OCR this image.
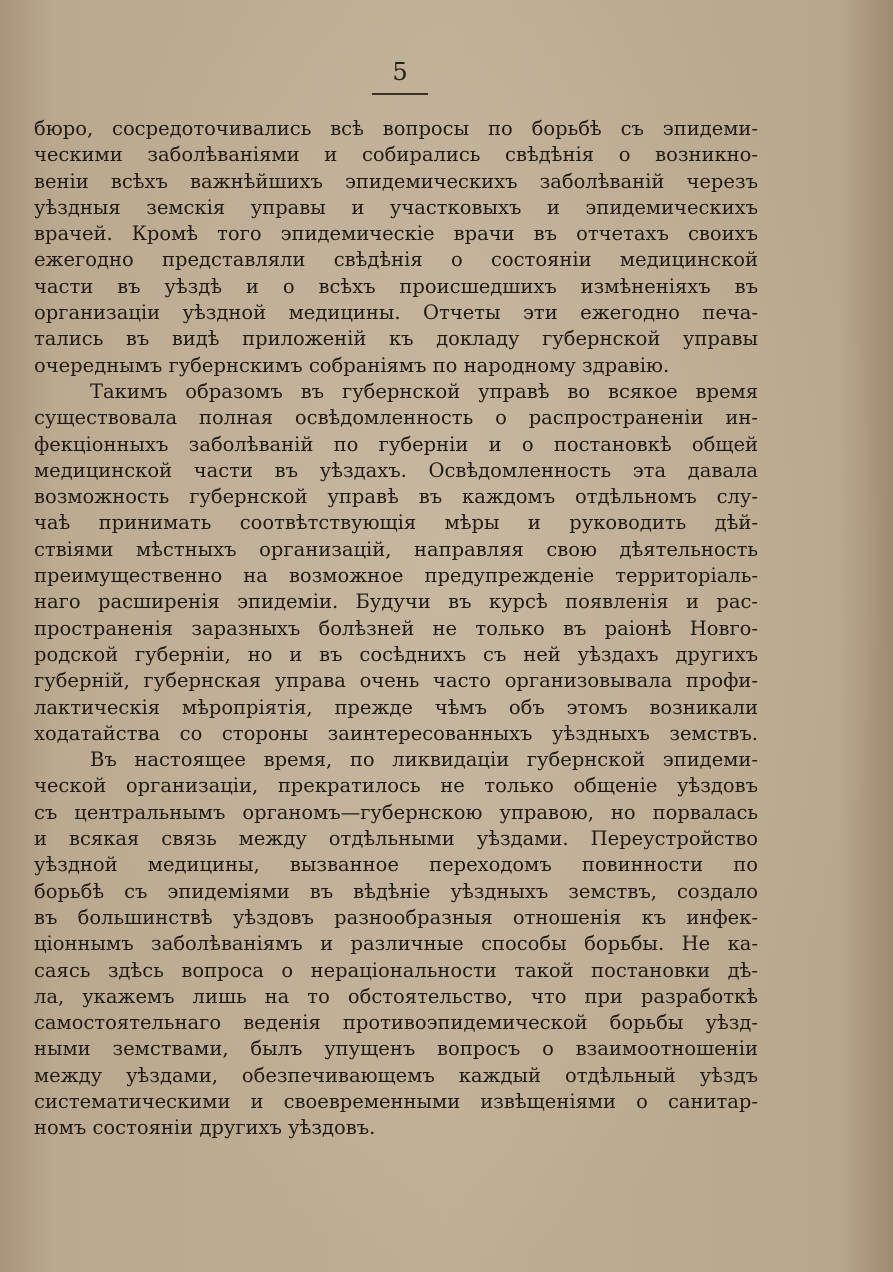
5
бюро, сосредоточивались всѣ вопросы по борьбѣ съ эпидеми-
ческими заболѣваніями и собирались свѣдѣнія о возникно-
веніи всѣхъ важнѣйшихъ эпидемическихъ заболѣваній черезъ
уѣздныя земскія управы и участковыхъ и эпидемическихъ
врачей. Кромѣ того эпидемическіе врачи въ отчетахъ своихъ
ежегодно представляли свѣдѣнія о состояніи медицинской
части въ уѣздѣ и о всѣхъ происшедшихъ измѣненіяхъ въ
организаціи уѣздной медицины. Отчеты эти ежегодно печа-
тались въ видѣ приложеній къ докладу губернской управы
очереднымъ губернскимъ собраніямъ по народному здравію.
Такимъ образомъ въ губернской управѣ во всякое время
существовала полная освѣдомленность о распространеніи ин-
фекціонныхъ заболѣваній по губерніи и о постановкѣ общей
медицинской части въ уѣздахъ. Освѣдомленность эта давала
возможность губернской управѣ въ каждомъ отдѣльномъ слу-
чаѣ принимать соотвѣтствующія мѣры и руководить дѣй-
ствіями мѣстныхъ организацій, направляя свою дѣятельность
преимущественно на возможное предупрежденіе территоріаль-
наго расширенія эпидеміи. Будучи въ курсѣ появленія и рас-
пространенія заразныхъ болѣзней не только въ раіонѣ Новго-
родской губерніи, но и въ сосѣднихъ съ ней уѣздахъ другихъ
губерній, губернская управа очень часто организовывала профи-
лактическія мѣропріятія, прежде чѣмъ объ этомъ возникали
ходатайства со стороны заинтересованныхъ уѣздныхъ земствъ.
Въ настоящее время, по ликвидаціи губернской эпидеми-
ческой организаціи, прекратилось не только общеніе уѣздовъ
съ центральнымъ органомъ—губернскою управою, но порвалась
и всякая связь между отдѣльными уѣздами. Переустройство
уѣздной медицины, вызванное переходомъ повинности по
борьбѣ съ эпидеміями въ вѣдѣніе уѣздныхъ земствъ, создало
въ большинствѣ уѣздовъ разнообразныя отношенія къ инфек-
ціоннымъ заболѣваніямъ и различные способы борьбы. Не ка-
саясь здѣсь вопроса о нераціональности такой постановки дѣ-
ла, укажемъ лишь на то обстоятельство, что при разработкѣ
самостоятельнаго веденія противоэпидемической борьбы уѣзд-
ными земствами, былъ упущенъ вопросъ о взаимоотношеніи
между уѣздами, обезпечивающемъ каждый отдѣльный уѣздъ
систематическими и своевременными извѣщеніями о санитар-
номъ состояніи другихъ уѣздовъ.
